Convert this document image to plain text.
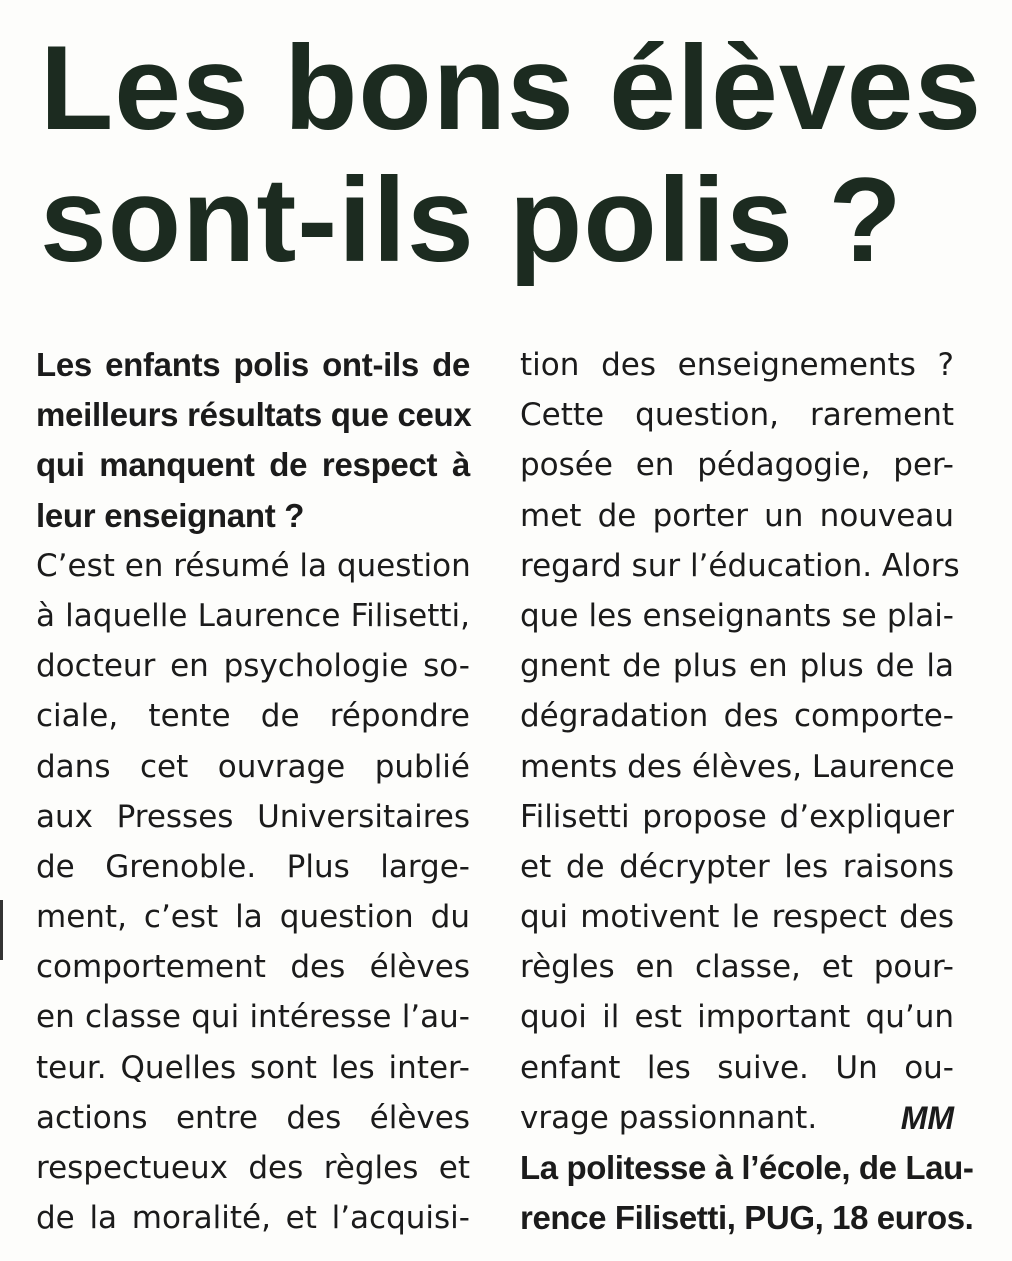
Les bons élèves
sont-ils polis ?
Les enfants polis ont-ils de
meilleurs résultats que ceux
qui manquent de respect à
leur enseignant ?
C’est en résumé la question
à laquelle Laurence Filisetti,
docteur en psychologie so-
ciale, tente de répondre
dans cet ouvrage publié
aux Presses Universitaires
de Grenoble. Plus large-
ment, c’est la question du
comportement des élèves
en classe qui intéresse l’au-
teur. Quelles sont les inter-
actions entre des élèves
respectueux des règles et
de la moralité, et l’acquisi-
tion des enseignements ?
Cette question, rarement
posée en pédagogie, per-
met de porter un nouveau
regard sur l’éducation. Alors
que les enseignants se plai-
gnent de plus en plus de la
dégradation des comporte-
ments des élèves, Laurence
Filisetti propose d’expliquer
et de décrypter les raisons
qui motivent le respect des
règles en classe, et pour-
quoi il est important qu’un
enfant les suive. Un ou-
vrage passionnant.	MM
La politesse à l’école, de Lau-
rence Filisetti, PUG, 18 euros.
